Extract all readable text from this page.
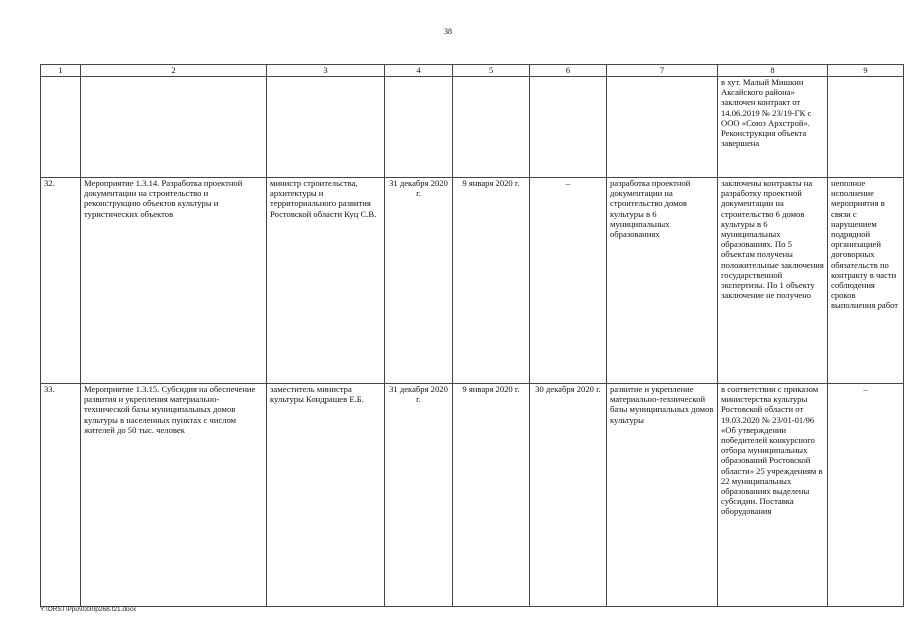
38
1	2	3	4	5	6	7	8	9
							в хут. Малый Мишкин Аксайского района» заключен контракт от 14.06.2019 № 23/19-ГК с ООО «Союз Архстрой». Реконструкция объекта завершена	
32.	Мероприятие 1.3.14. Разработка проектной документации на строительство и реконструкцию объектов культуры и туристических объектов	министр строительства, архитектуры и территориального развития Ростовской области Куц С.В.	31 декабря 2020 г.	9 января 2020 г.	–	разработка проектной документации на строительство домов культуры в 6 муниципальных образованиях	заключены контракты на разработку проектной документации на строительство 6 домов культуры в 6 муниципальных образованиях. По 5 объектам получены положительные заключения государственной экспертизы. По 1 объекту заключение не получено	неполное исполнение мероприятия в связи с нарушением подрядной организацией договорных обязательств по контракту в части соблюдения сроков выполнения работ
33.	Мероприятие 1.3.15. Субсидия на обеспечение развития и укрепления материально-технической базы муниципальных домов культуры в населенных пунктах с числом жителей до 50 тыс. человек	заместитель министра культуры Кондрашев Е.Б.	31 декабря 2020 г.	9 января 2020 г.	30 декабря 2020 г.	развитие и укрепление материально-технической базы муниципальных домов культуры	в соответствии с приказом министерства культуры Ростовской области от 19.03.2020 № 23/01-01/96 «Об утверждении победителей конкурсного отбора муниципальных образований Ростовской области» 25 учреждениям в 22 муниципальных образованиях выделены субсидии. Поставка оборудования	–
Y:\ORST\Ppo\0330p268.f21.docx
